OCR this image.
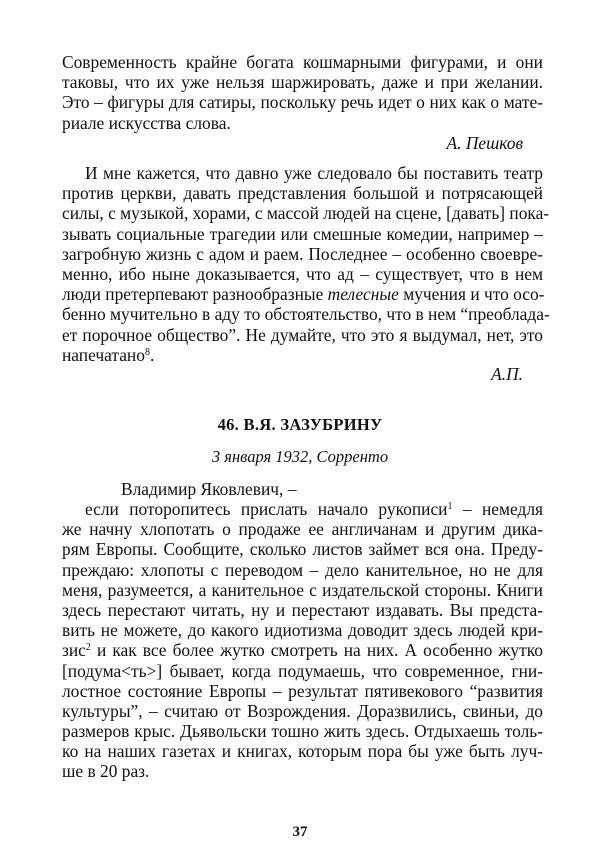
Современность крайне богата кошмарными фигурами, и они
таковы, что их уже нельзя шаржировать, даже и при желании.
Это – фигуры для сатиры, поскольку речь идет о них как о мате-
риале искусства слова.
А. Пешков
И мне кажется, что давно уже следовало бы поставить театр
против церкви, давать представления большой и потрясающей
силы, с музыкой, хорами, с массой людей на сцене, [давать] пока-
зывать социальные трагедии или смешные комедии, например –
загробную жизнь с адом и раем. Последнее – особенно своевре-
менно, ибо ныне доказывается, что ад – существует, что в нем
люди претерпевают разнообразные телесные мучения и что осо-
бенно мучительно в аду то обстоятельство, что в нем “преоблада-
ет порочное общество”. Не думайте, что это я выдумал, нет, это
напечатано$^8$.
А.П.
46. В.Я. ЗАЗУБРИНУ
3 января 1932, Сорренто
Владимир Яковлевич, –
если поторопитесь прислать начало рукописи$^1$ – немедля
же начну хлопотать о продаже ее англичанам и другим дика-
рям Европы. Сообщите, сколько листов займет вся она. Преду-
преждаю: хлопоты с переводом – дело канительное, но не для
меня, разумеется, а канительное с издательской стороны. Книги
здесь перестают читать, ну и перестают издавать. Вы предста-
вить не можете, до какого идиотизма доводит здесь людей кри-
зис$^2$ и как все более жутко смотреть на них. А особенно жутко
[подума<ть>] бывает, когда подумаешь, что современное, гни-
лостное состояние Европы – результат пятивекового “развития
культуры”, – считаю от Возрождения. Доразвились, свиньи, до
размеров крыс. Дьявольски тошно жить здесь. Отдыхаешь толь-
ко на наших газетах и книгах, которым пора бы уже быть луч-
ше в 20 раз.
37
